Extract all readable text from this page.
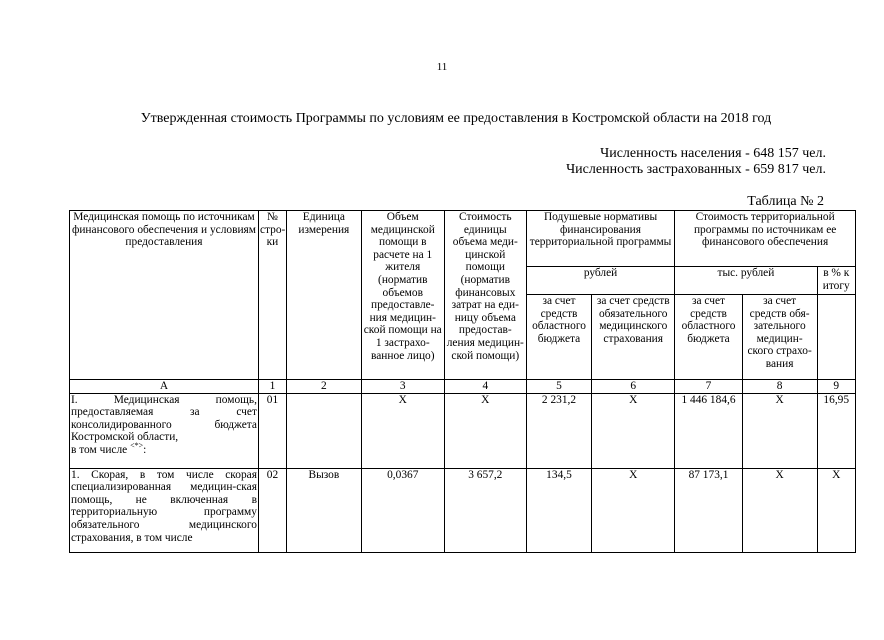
11
Утвержденная стоимость Программы по условиям ее предоставления в Костромской области на 2018 год
Численность населения - 648 157 чел.
Численность застрахованных - 659 817 чел.
Таблица № 2
Медицинская помощь по источникам финансового обеспечения и условиям предоставления	№ стро-ки	Единица измерения	Объем медицинской помощи в расчете на 1 жителя (норматив объемов предоставле-ния медицин-ской помощи на 1 застрахо-ванное лицо)	Стоимость единицы объема меди-цинской помощи (норматив финансовых затрат на еди-ницу объема предостав-ления медицин-ской помощи)	Подушевые нормативы финансирования территориальной программы		Стоимость территориальной программы по источникам ее финансового обеспечения		
					рублей		тыс. рублей		в % к итогу

					за счет средств областного бюджета	за счет средств обязательного медицинского страхования	за счет средств областного бюджета	за счет средств обя-зательного медицин-ского страхо-вания	
А	1	2	3	4	5	6	7	8	9
I. Медицинская помощь, предоставляемая за счет консолидированного бюджета Костромской области,
в том числе <*>:	01		X	X	2 231,2	X	1 446 184,6	X	16,95
1. Скорая, в том числе скорая специализированная медицин-ская помощь, не включенная в территориальную программу обязательного медицинского страхования, в том числе	02	Вызов	0,0367	3 657,2	134,5	X	87 173,1	X	X
